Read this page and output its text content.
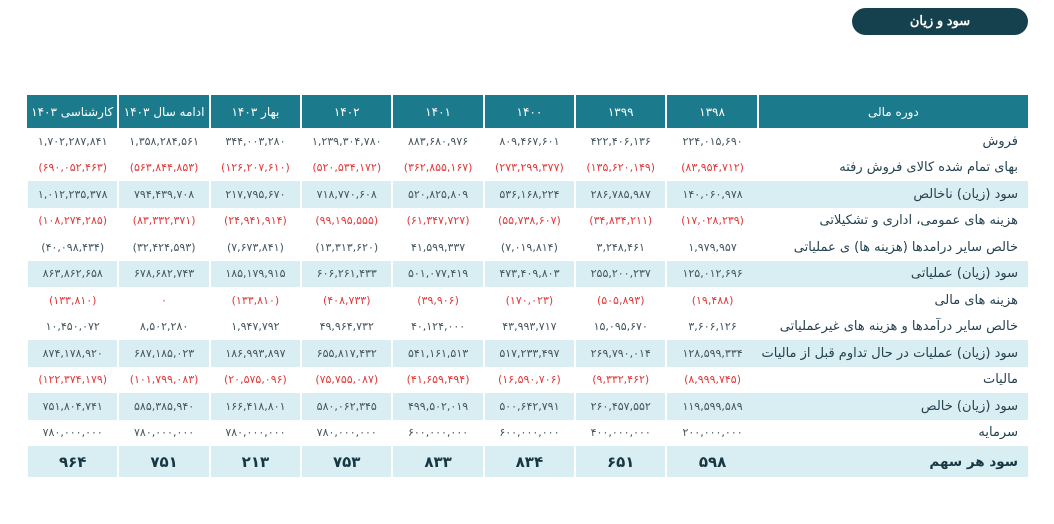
سود و زیان
دوره مالی	۱۳۹۸	۱۳۹۹	۱۴۰۰	۱۴۰۱	۱۴۰۲	بهار ۱۴۰۳	ادامه سال ۱۴۰۳	کارشناسی ۱۴۰۳
فروش	۲۲۴,۰۱۵,۶۹۰	۴۲۲,۴۰۶,۱۳۶	۸۰۹,۴۶۷,۶۰۱	۸۸۳,۶۸۰,۹۷۶	۱,۲۳۹,۳۰۴,۷۸۰	۳۴۴,۰۰۳,۲۸۰	۱,۳۵۸,۲۸۴,۵۶۱	۱,۷۰۲,۲۸۷,۸۴۱
بهای تمام شده کالای فروش رفته	(۸۳,۹۵۴,۷۱۲)	(۱۳۵,۶۲۰,۱۴۹)	(۲۷۳,۲۹۹,۳۷۷)	(۳۶۲,۸۵۵,۱۶۷)	(۵۲۰,۵۳۴,۱۷۲)	(۱۲۶,۲۰۷,۶۱۰)	(۵۶۳,۸۴۴,۸۵۳)	(۶۹۰,۰۵۲,۴۶۳)
سود (زیان) ناخالص	۱۴۰,۰۶۰,۹۷۸	۲۸۶,۷۸۵,۹۸۷	۵۳۶,۱۶۸,۲۲۴	۵۲۰,۸۲۵,۸۰۹	۷۱۸,۷۷۰,۶۰۸	۲۱۷,۷۹۵,۶۷۰	۷۹۴,۴۳۹,۷۰۸	۱,۰۱۲,۲۳۵,۳۷۸
هزینه های عمومی، اداری و تشکیلاتی	(۱۷,۰۲۸,۲۳۹)	(۳۴,۸۳۴,۲۱۱)	(۵۵,۷۳۸,۶۰۷)	(۶۱,۳۴۷,۷۲۷)	(۹۹,۱۹۵,۵۵۵)	(۲۴,۹۴۱,۹۱۴)	(۸۳,۳۳۲,۳۷۱)	(۱۰۸,۲۷۴,۲۸۵)
خالص سایر درامدها (هزینه ها) ی عملیاتی	۱,۹۷۹,۹۵۷	۳,۲۴۸,۴۶۱	(۷,۰۱۹,۸۱۴)	۴۱,۵۹۹,۳۳۷	(۱۳,۳۱۳,۶۲۰)	(۷,۶۷۳,۸۴۱)	(۳۲,۴۲۴,۵۹۳)	(۴۰,۰۹۸,۴۳۴)
سود (زیان) عملیاتی	۱۲۵,۰۱۲,۶۹۶	۲۵۵,۲۰۰,۲۳۷	۴۷۳,۴۰۹,۸۰۳	۵۰۱,۰۷۷,۴۱۹	۶۰۶,۲۶۱,۴۳۳	۱۸۵,۱۷۹,۹۱۵	۶۷۸,۶۸۲,۷۴۳	۸۶۳,۸۶۲,۶۵۸
هزینه های مالی	(۱۹,۴۸۸)	(۵۰۵,۸۹۳)	(۱۷۰,۰۲۳)	(۳۹,۹۰۶)	(۴۰۸,۷۳۳)	(۱۳۳,۸۱۰)	۰	(۱۳۳,۸۱۰)
خالص سایر درآمدها و هزینه های غیرعملیاتی	۳,۶۰۶,۱۲۶	۱۵,۰۹۵,۶۷۰	۴۳,۹۹۳,۷۱۷	۴۰,۱۲۴,۰۰۰	۴۹,۹۶۴,۷۳۲	۱,۹۴۷,۷۹۲	۸,۵۰۲,۲۸۰	۱۰,۴۵۰,۰۷۲
سود (زیان) عملیات در حال تداوم قبل از مالیات	۱۲۸,۵۹۹,۳۳۴	۲۶۹,۷۹۰,۰۱۴	۵۱۷,۲۳۳,۴۹۷	۵۴۱,۱۶۱,۵۱۳	۶۵۵,۸۱۷,۴۳۲	۱۸۶,۹۹۳,۸۹۷	۶۸۷,۱۸۵,۰۲۳	۸۷۴,۱۷۸,۹۲۰
مالیات	(۸,۹۹۹,۷۴۵)	(۹,۳۳۲,۴۶۲)	(۱۶,۵۹۰,۷۰۶)	(۴۱,۶۵۹,۴۹۴)	(۷۵,۷۵۵,۰۸۷)	(۲۰,۵۷۵,۰۹۶)	(۱۰۱,۷۹۹,۰۸۳)	(۱۲۲,۳۷۴,۱۷۹)
سود (زیان) خالص	۱۱۹,۵۹۹,۵۸۹	۲۶۰,۴۵۷,۵۵۲	۵۰۰,۶۴۲,۷۹۱	۴۹۹,۵۰۲,۰۱۹	۵۸۰,۰۶۲,۳۴۵	۱۶۶,۴۱۸,۸۰۱	۵۸۵,۳۸۵,۹۴۰	۷۵۱,۸۰۴,۷۴۱
سرمایه	۲۰۰,۰۰۰,۰۰۰	۴۰۰,۰۰۰,۰۰۰	۶۰۰,۰۰۰,۰۰۰	۶۰۰,۰۰۰,۰۰۰	۷۸۰,۰۰۰,۰۰۰	۷۸۰,۰۰۰,۰۰۰	۷۸۰,۰۰۰,۰۰۰	۷۸۰,۰۰۰,۰۰۰
سود هر سهم	۵۹۸	۶۵۱	۸۳۴	۸۳۳	۷۵۳	۲۱۳	۷۵۱	۹۶۴
